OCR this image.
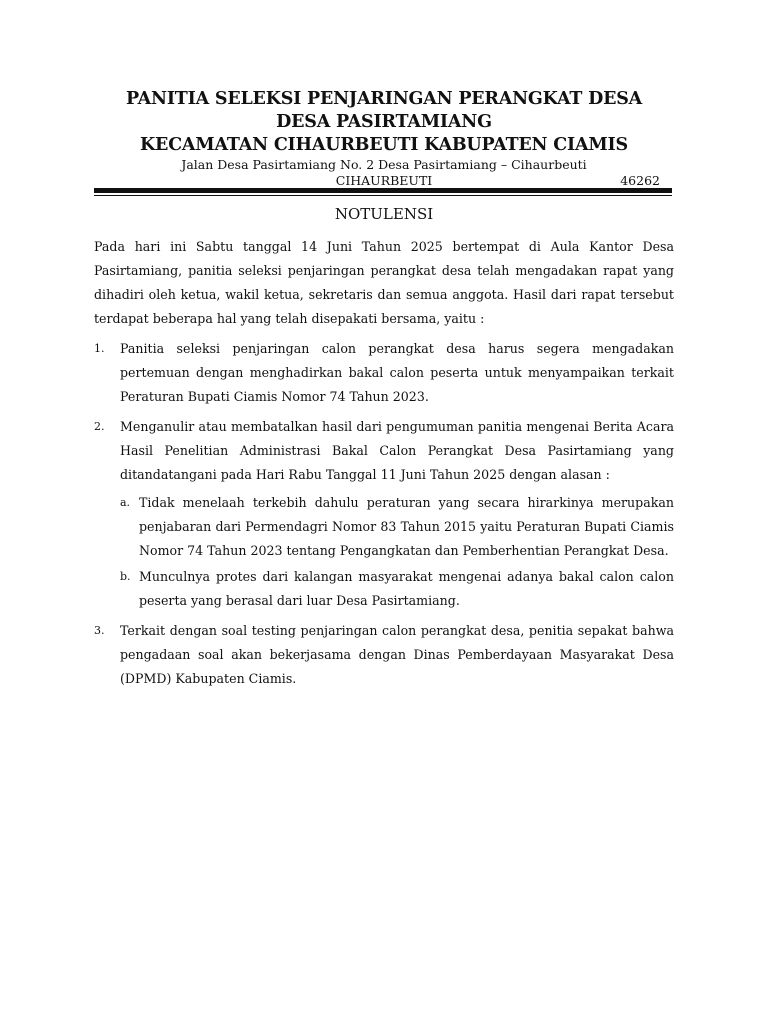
PANITIA SELEKSI PENJARINGAN PERANGKAT DESA
DESA PASIRTAMIANG
KECAMATAN CIHAURBEUTI KABUPATEN CIAMIS
Jalan Desa Pasirtamiang No. 2 Desa Pasirtamiang – Cihaurbeuti
CIHAURBEUTI	46262
NOTULENSI

Pada hari ini Sabtu tanggal 14 Juni Tahun 2025 bertempat di Aula Kantor Desa Pasirtamiang, panitia seleksi penjaringan perangkat desa telah mengadakan rapat yang dihadiri oleh ketua, wakil ketua, sekretaris dan semua anggota. Hasil dari rapat tersebut terdapat beberapa hal yang telah disepakati bersama, yaitu :

1. Panitia seleksi penjaringan calon perangkat desa harus segera mengadakan pertemuan dengan menghadirkan bakal calon peserta untuk menyampaikan terkait Peraturan Bupati Ciamis Nomor 74 Tahun 2023.
2. Menganulir atau membatalkan hasil dari pengumuman panitia mengenai Berita Acara Hasil Penelitian Administrasi Bakal Calon Perangkat Desa Pasirtamiang yang ditandatangani pada Hari Rabu Tanggal 11 Juni Tahun 2025 dengan alasan :
a. Tidak menelaah terkebih dahulu peraturan yang secara hirarkinya merupakan penjabaran dari Permendagri Nomor 83 Tahun 2015 yaitu Peraturan Bupati Ciamis Nomor 74 Tahun 2023 tentang Pengangkatan dan Pemberhentian Perangkat Desa.
b. Munculnya protes dari kalangan masyarakat mengenai adanya bakal calon calon peserta yang berasal dari luar Desa Pasirtamiang.
3. Terkait dengan soal testing penjaringan calon perangkat desa, penitia sepakat bahwa pengadaan soal akan bekerjasama dengan Dinas Pemberdayaan Masyarakat Desa (DPMD) Kabupaten Ciamis.
